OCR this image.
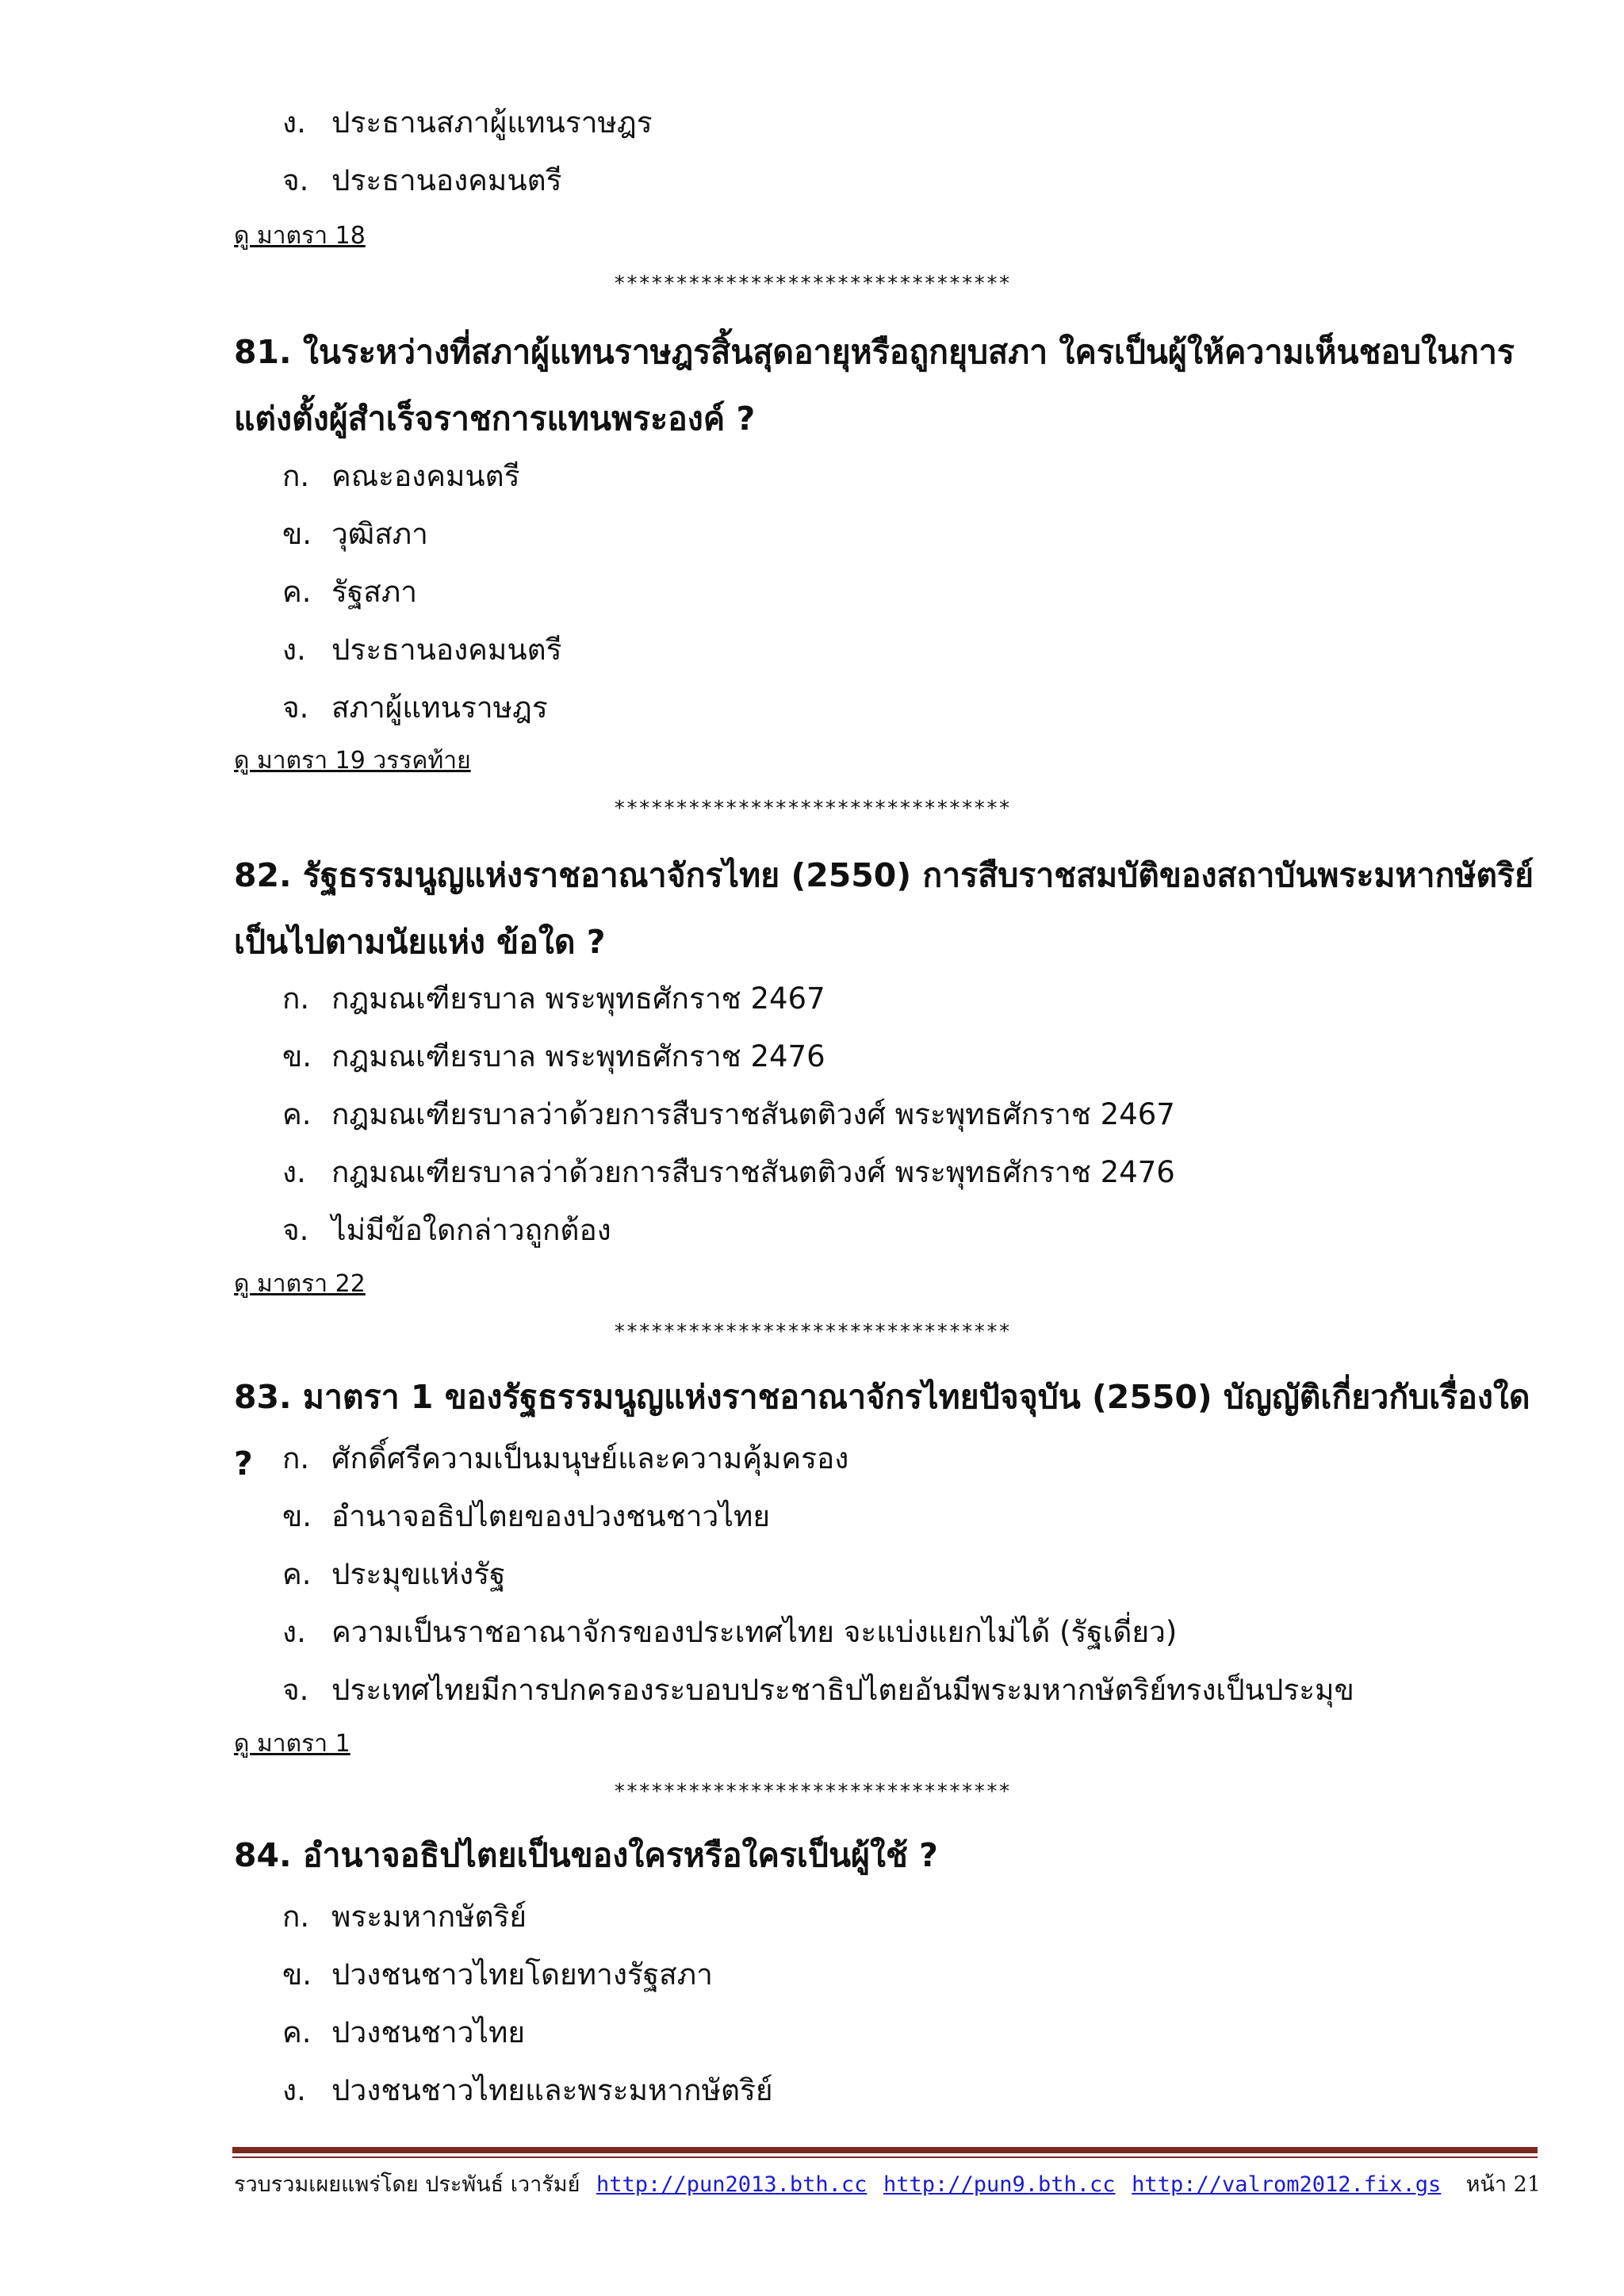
ง. ประธานสภาผู้แทนราษฎร
จ. ประธานองคมนตรี
ดู มาตรา 18
********************************
81. ในระหว่างที่สภาผู้แทนราษฎรสิ้นสุดอายุหรือถูกยุบสภา ใครเป็นผู้ให้ความเห็นชอบในการแต่งตั้งผู้สำเร็จราชการแทนพระองค์ ?
ก. คณะองคมนตรี
ข. วุฒิสภา
ค. รัฐสภา
ง. ประธานองคมนตรี
จ. สภาผู้แทนราษฎร
ดู มาตรา 19 วรรคท้าย
********************************
82. รัฐธรรมนูญแห่งราชอาณาจักรไทย (2550) การสืบราชสมบัติของสถาบันพระมหากษัตริย์เป็นไปตามนัยแห่ง ข้อใด ?
ก. กฎมณเฑียรบาล พระพุทธศักราช 2467
ข. กฎมณเฑียรบาล พระพุทธศักราช 2476
ค. กฎมณเฑียรบาลว่าด้วยการสืบราชสันตติวงศ์ พระพุทธศักราช 2467
ง. กฎมณเฑียรบาลว่าด้วยการสืบราชสันตติวงศ์ พระพุทธศักราช 2476
จ. ไม่มีข้อใดกล่าวถูกต้อง
ดู มาตรา 22
********************************
83. มาตรา 1 ของรัฐธรรมนูญแห่งราชอาณาจักรไทยปัจจุบัน (2550) บัญญัติเกี่ยวกับเรื่องใด ?	ก. ศักดิ์ศรีความเป็นมนุษย์และความคุ้มครอง
ข. อำนาจอธิปไตยของปวงชนชาวไทย
ค. ประมุขแห่งรัฐ
ง. ความเป็นราชอาณาจักรของประเทศไทย จะแบ่งแยกไม่ได้ (รัฐเดี่ยว)
จ. ประเทศไทยมีการปกครองระบอบประชาธิปไตยอันมีพระมหากษัตริย์ทรงเป็นประมุข
ดู มาตรา 1
********************************
84. อำนาจอธิปไตยเป็นของใครหรือใครเป็นผู้ใช้ ?
ก. พระมหากษัตริย์
ข. ปวงชนชาวไทยโดยทางรัฐสภา
ค. ปวงชนชาวไทย
ง. ปวงชนชาวไทยและพระมหากษัตริย์
รวบรวมเผยแพร่โดย ประพันธ์ เวารัมย์ http://pun2013.bth.cc http://pun9.bth.cc http://valrom2012.fix.gs หน้า 21
